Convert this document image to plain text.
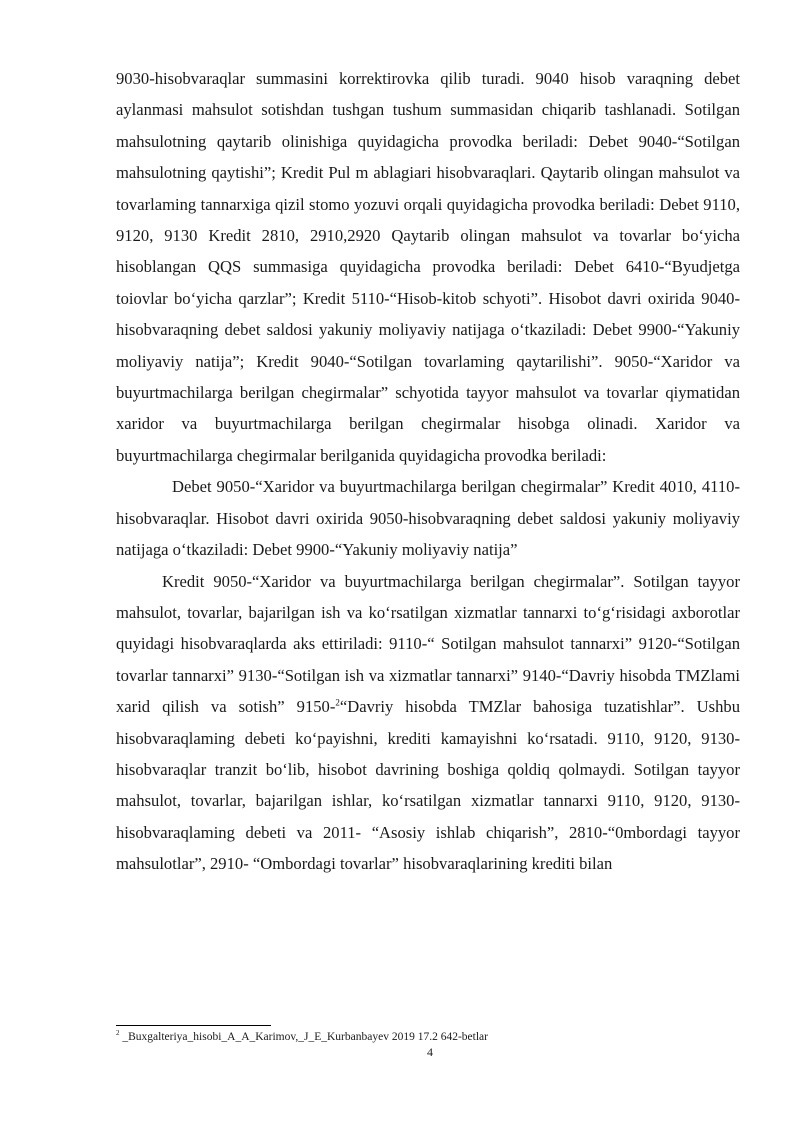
9030-hisobvaraqlar summasini korrektirovka qilib turadi. 9040 hisob varaqning debet aylanmasi mahsulot sotishdan tushgan tushum summasidan chiqarib tashlanadi. Sotilgan mahsulotning qaytarib olinishiga quyidagicha provodka beriladi: Debet 9040-“Sotilgan mahsulotning qaytishi”; Kredit Pul m ablagiari hisobvaraqlari. Qaytarib olingan mahsulot va tovarlaming tannarxiga qizil stomo yozuvi orqali quyidagicha provodka beriladi: Debet 9110, 9120, 9130 Kredit 2810, 2910,2920 Qaytarib olingan mahsulot va tovarlar bo‘yicha hisoblangan QQS summasiga quyidagicha provodka beriladi: Debet 6410-“Byudjetga toiovlar bo‘yicha qarzlar”; Kredit 5110-“Hisob-kitob schyoti”. Hisobot davri oxirida 9040-hisobvaraqning debet saldosi yakuniy moliyaviy natijaga o‘tkaziladi: Debet 9900-“Yakuniy moliyaviy natija”; Kredit 9040-“Sotilgan tovarlaming qaytarilishi”. 9050-“Xaridor va buyurtmachilarga berilgan chegirmalar” schyotida tayyor mahsulot va tovarlar qiymatidan xaridor va buyurtmachilarga berilgan chegirmalar hisobga olinadi. Xaridor va buyurtmachilarga chegirmalar berilganida quyidagicha provodka beriladi:

Debet 9050-“Xaridor va buyurtmachilarga berilgan chegirmalar” Kredit 4010, 4110-hisobvaraqlar. Hisobot davri oxirida 9050-hisobvaraqning debet saldosi yakuniy moliyaviy natijaga o‘tkaziladi: Debet 9900-“Yakuniy moliyaviy natija”

Kredit 9050-“Xaridor va buyurtmachilarga berilgan chegirmalar”. Sotilgan tayyor mahsulot, tovarlar, bajarilgan ish va ko‘rsatilgan xizmatlar tannarxi to‘g‘risidagi axborotlar quyidagi hisobvaraqlarda aks ettiriladi: 9110-“ Sotilgan mahsulot tannarxi” 9120-“Sotilgan tovarlar tannarxi” 9130-“Sotilgan ish va xizmatlar tannarxi” 9140-“Davriy hisobda TMZlami xarid qilish va sotish” 9150-$^2$“Davriy hisobda TMZlar bahosiga tuzatishlar”. Ushbu hisobvaraqlaming debeti ko‘payishni, krediti kamayishni ko‘rsatadi. 9110, 9120, 9130-hisobvaraqlar tranzit bo‘lib, hisobot davrining boshiga qoldiq qolmaydi. Sotilgan tayyor mahsulot, tovarlar, bajarilgan ishlar, ko‘rsatilgan xizmatlar tannarxi 9110, 9120, 9130-hisobvaraqlaming debeti va 2011- “Asosiy ishlab chiqarish”, 2810-“0mbordagi tayyor mahsulotlar”, 2910- “Ombordagi tovarlar” hisobvaraqlarining krediti bilan

$^2$ _Buxgalteriya_hisobi_A_A_Karimov,_J_E_Kurbanbayev 2019 17.2 642-betlar
4
